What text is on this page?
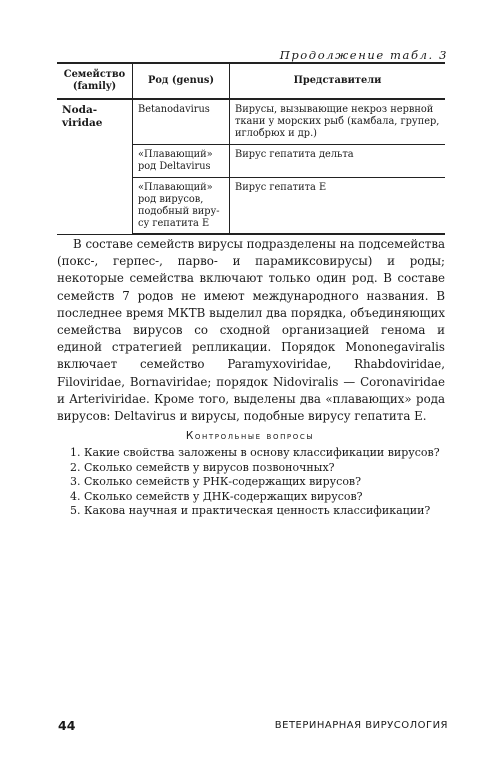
Продолжение табл. 3
Семейство (family)	Род (genus)	Представители
Noda-viridae	Betanodavirus	Вирусы, вызывающие некроз нервной ткани у морских рыб (камбала, групер, иглобрюх и др.)
	«Плавающий» род Deltavirus	Вирус гепатита дельта
	«Плавающий» род вирусов, подобный виру-су гепатита Е	Вирус гепатита Е

В составе семейств вирусы подразделены на подсемейства (покс-, герпес-, парво- и парамиксовирусы) и роды; некоторые семейства включают только один род. В составе семейств 7 родов не имеют международного названия. В последнее время МКТВ выделил два порядка, объединяющих семейства вирусов со сходной организацией генома и единой стратегией репликации. Порядок Mononegaviralis включает семейство Paramyxoviridae, Rhabdoviridae, Filoviridae, Bornaviridae; порядок Nidoviralis — Coronaviridae и Arteriviridae. Кроме того, выделены два «плавающих» рода вирусов: Deltavirus и вирусы, подобные вирусу гепатита Е.

Контрольные вопросы
1. Какие свойства заложены в основу классификации вирусов?
2. Сколько семейств у вирусов позвоночных?
3. Сколько семейств у РНК-содержащих вирусов?
4. Сколько семейств у ДНК-содержащих вирусов?
5. Какова научная и практическая ценность классификации?
44	ВЕТЕРИНАРНАЯ ВИРУСОЛОГИЯ
